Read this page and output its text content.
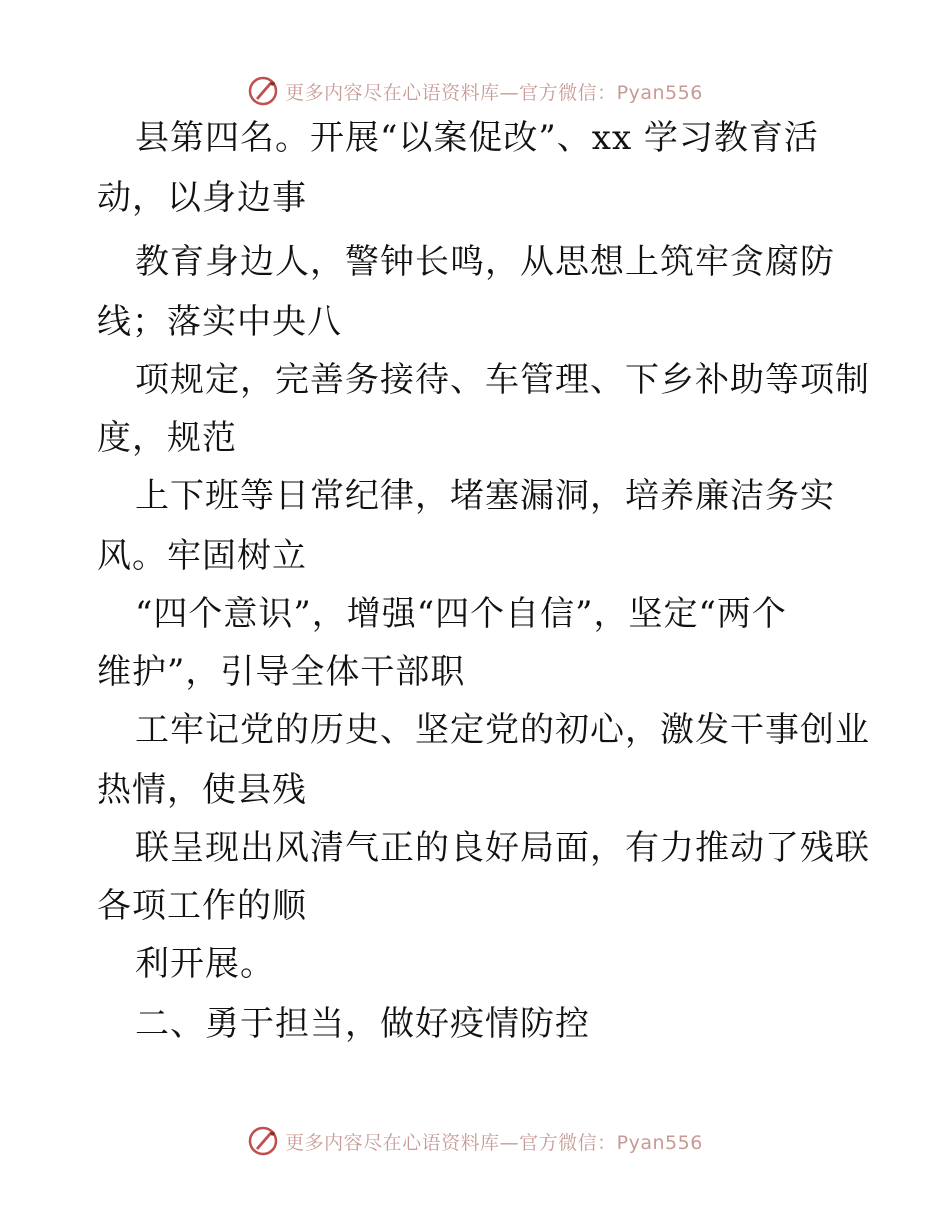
更多内容尽在心语资料库—官方微信：Pyan556
县第四名。开展“以案促改”、xx 学习教育活
动，以身边事
教育身边人，警钟长鸣，从思想上筑牢贪腐防
线；落实中央八
项规定，完善务接待、车管理、下乡补助等项制
度，规范
上下班等日常纪律，堵塞漏洞，培养廉洁务实
风。牢固树立
“四个意识”，增强“四个自信”，坚定“两个
维护”，引导全体干部职
工牢记党的历史、坚定党的初心，激发干事创业
热情，使县残
联呈现出风清气正的良好局面，有力推动了残联
各项工作的顺
利开展。
二、勇于担当，做好疫情防控
更多内容尽在心语资料库—官方微信：Pyan556
